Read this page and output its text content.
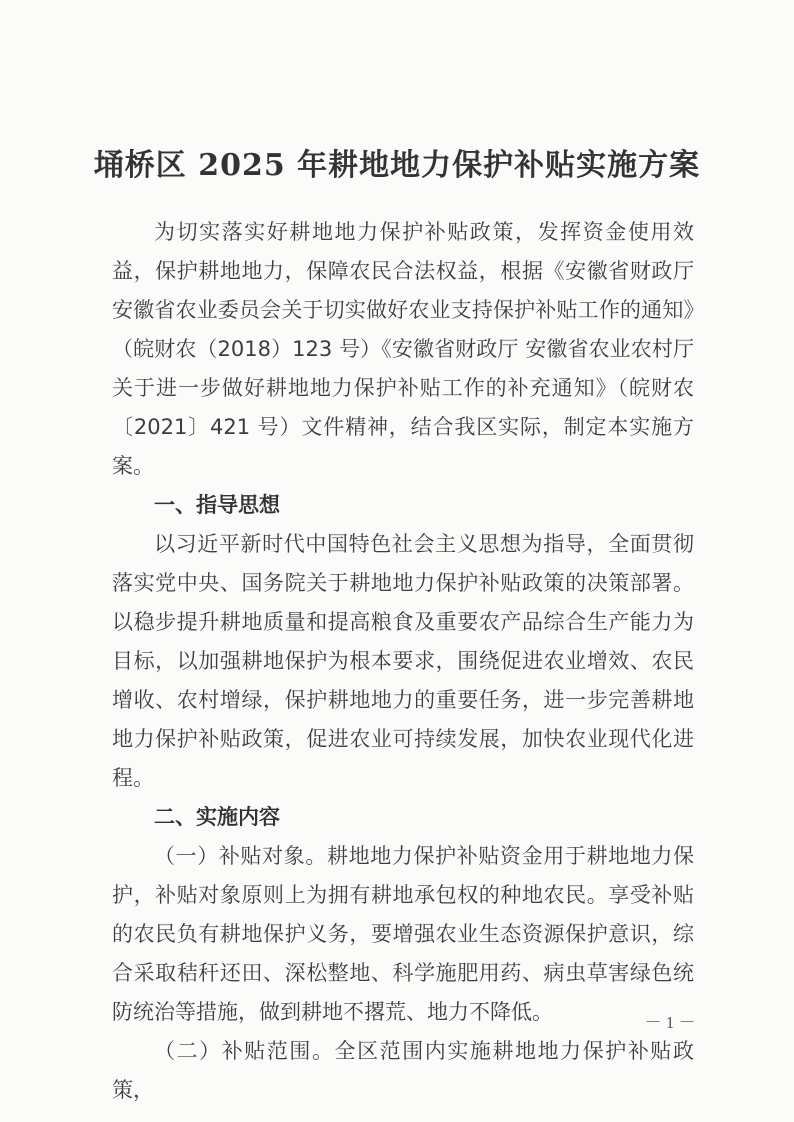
埇桥区 2025 年耕地地力保护补贴实施方案

为切实落实好耕地地力保护补贴政策，发挥资金使用效益，保护耕地地力，保障农民合法权益，根据《安徽省财政厅 安徽省农业委员会关于切实做好农业支持保护补贴工作的通知》（皖财农（2018）123 号）《安徽省财政厅 安徽省农业农村厅关于进一步做好耕地地力保护补贴工作的补充通知》（皖财农〔2021〕421 号）文件精神，结合我区实际，制定本实施方案。

一、指导思想

以习近平新时代中国特色社会主义思想为指导，全面贯彻落实党中央、国务院关于耕地地力保护补贴政策的决策部署。以稳步提升耕地质量和提高粮食及重要农产品综合生产能力为目标，以加强耕地保护为根本要求，围绕促进农业增效、农民增收、农村增绿，保护耕地地力的重要任务，进一步完善耕地地力保护补贴政策，促进农业可持续发展，加快农业现代化进程。

二、实施内容

（一）补贴对象。耕地地力保护补贴资金用于耕地地力保护，补贴对象原则上为拥有耕地承包权的种地农民。享受补贴的农民负有耕地保护义务，要增强农业生态资源保护意识，综合采取秸秆还田、深松整地、科学施肥用药、病虫草害绿色统防统治等措施，做到耕地不撂荒、地力不降低。

（二）补贴范围。全区范围内实施耕地地力保护补贴政策，

－ 1 －
